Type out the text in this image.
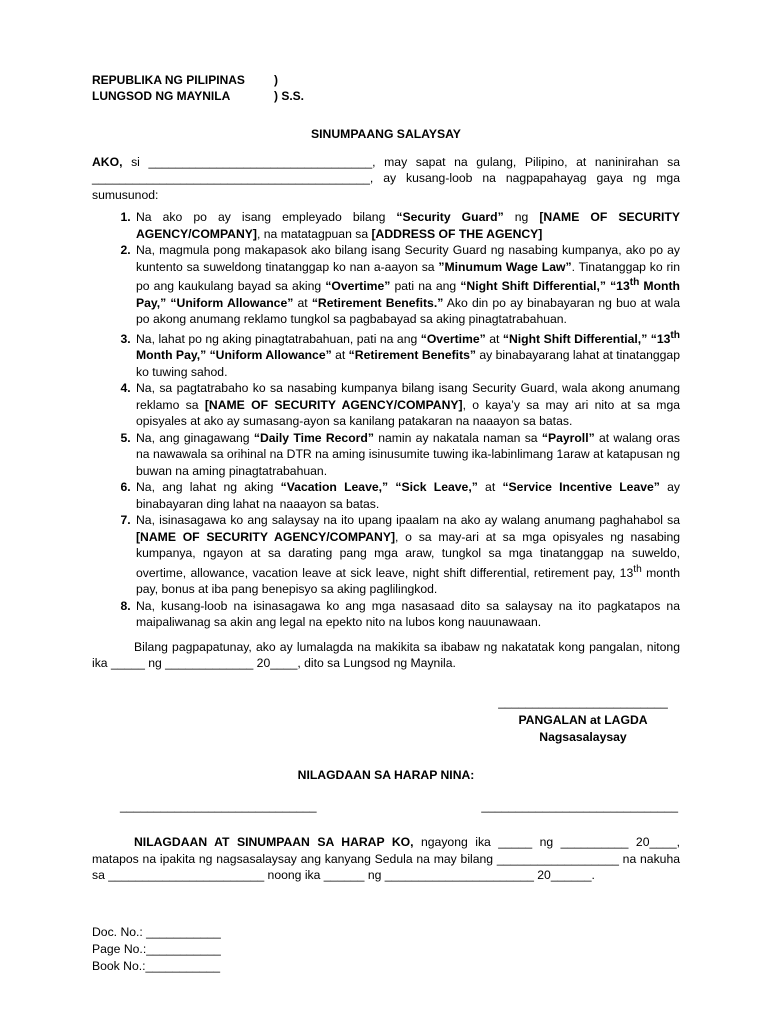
REPUBLIKA NG PILIPINAS	)
LUNGSOD NG MAYNILA	) S.S.
SINUMPAANG SALAYSAY
AKO, si _________________________________, may sapat na gulang, Pilipino, at naninirahan sa
_________________________________________, ay kusang-loob na nagpapahayag gaya ng mga sumusunod:
1. Na ako po ay isang empleyado bilang “Security Guard” ng [NAME OF SECURITY AGENCY/COMPANY], na matatagpuan sa [ADDRESS OF THE AGENCY]
2. Na, magmula pong makapasok ako bilang isang Security Guard ng nasabing kumpanya, ako po ay kuntento sa suweldong tinatanggap ko nan a-aayon sa ”Minumum Wage Law”. Tinatanggap ko rin po ang kaukulang bayad sa aking “Overtime” pati na ang “Night Shift Differential,” “13th Month Pay,” “Uniform Allowance” at “Retirement Benefits.” Ako din po ay binabayaran ng buo at wala po akong anumang reklamo tungkol sa pagbabayad sa aking pinagtatrabahuan.
3. Na, lahat po ng aking pinagtatrabahuan, pati na ang “Overtime” at “Night Shift Differential,” “13th Month Pay,” “Uniform Allowance” at “Retirement Benefits” ay binabayarang lahat at tinatanggap ko tuwing sahod.
4. Na, sa pagtatrabaho ko sa nasabing kumpanya bilang isang Security Guard, wala akong anumang reklamo sa [NAME OF SECURITY AGENCY/COMPANY], o kaya’y sa may ari nito at sa mga opisyales at ako ay sumasang-ayon sa kanilang patakaran na naaayon sa batas.
5. Na, ang ginagawang “Daily Time Record” namin ay nakatala naman sa “Payroll” at walang oras na nawawala sa orihinal na DTR na aming isinusumite tuwing ika-labinlimang 1araw at katapusan ng buwan na aming pinagtatrabahuan.
6. Na, ang lahat ng aking “Vacation Leave,” “Sick Leave,” at “Service Incentive Leave” ay binabayaran ding lahat na naaayon sa batas.
7. Na, isinasagawa ko ang salaysay na ito upang ipaalam na ako ay walang anumang paghahabol sa [NAME OF SECURITY AGENCY/COMPANY], o sa may-ari at sa mga opisyales ng nasabing kumpanya, ngayon at sa darating pang mga araw, tungkol sa mga tinatanggap na suweldo, overtime, allowance, vacation leave at sick leave, night shift differential, retirement pay, 13th month pay, bonus at iba pang benepisyo sa aking paglilingkod.
8. Na, kusang-loob na isinasagawa ko ang mga nasasaad dito sa salaysay na ito pagkatapos na maipaliwanag sa akin ang legal na epekto nito na lubos kong nauunawaan.
Bilang pagpapatunay, ako ay lumalagda na makikita sa ibabaw ng nakatatak kong pangalan, nitong ika _____ ng _____________ 20____, dito sa Lungsod ng Maynila.
_________________________
PANGALAN at LAGDA
Nagsasalaysay
NILAGDAAN SA HARAP NINA:
_____________________________	_____________________________
NILAGDAAN AT SINUMPAAN SA HARAP KO, ngayong ika _____ ng __________ 20____, matapos na ipakita ng nagsasalaysay ang kanyang Sedula na may bilang __________________ na nakuha sa _______________________ noong ika ______ ng ______________________ 20______.
Doc. No.: ___________
Page No.:___________
Book No.:___________
